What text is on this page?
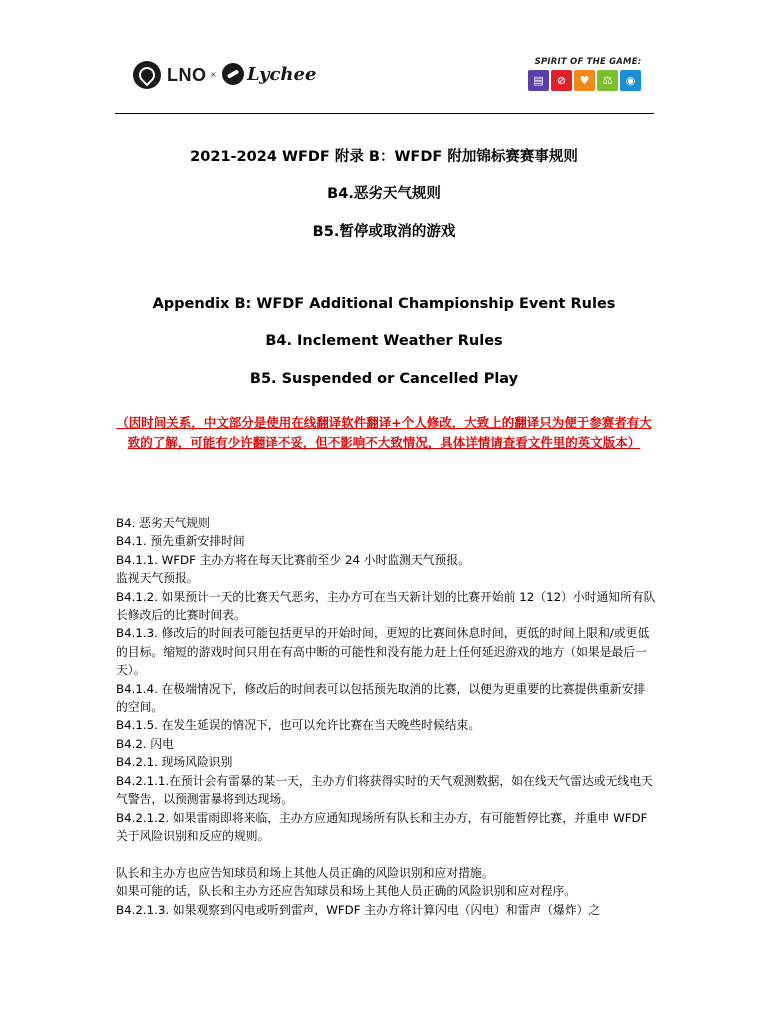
LNO × Lychee
SPIRIT OF THE GAME:
▤	⊘	♥	⚖	◉
2021-2024 WFDF 附录 B：WFDF 附加锦标赛赛事规则
B4.恶劣天气规则
B5.暂停或取消的游戏
Appendix B: WFDF Additional Championship Event Rules
B4. Inclement Weather Rules
B5. Suspended or Cancelled Play
（因时间关系，中文部分是使用在线翻译软件翻译+个人修改，大致上的翻译只为便于参赛者有大致的了解，可能有少许翻译不妥，但不影响不大致情况，具体详情请查看文件里的英文版本）

B4. 恶劣天气规则

B4.1. 预先重新安排时间

B4.1.1. WFDF 主办方将在每天比赛前至少 24 小时监测天气预报。

监视天气预报。

B4.1.2. 如果预计一天的比赛天气恶劣，主办方可在当天新计划的比赛开始前 12（12）小时通知所有队长修改后的比赛时间表。

B4.1.3. 修改后的时间表可能包括更早的开始时间，更短的比赛间休息时间，更低的时间上限和/或更低的目标。缩短的游戏时间只用在有高中断的可能性和没有能力赶上任何延迟游戏的地方（如果是最后一天）。

B4.1.4. 在极端情况下，修改后的时间表可以包括预先取消的比赛，以便为更重要的比赛提供重新安排的空间。

B4.1.5. 在发生延误的情况下，也可以允许比赛在当天晚些时候结束。

B4.2. 闪电

B4.2.1. 现场风险识别

B4.2.1.1.在预计会有雷暴的某一天，主办方们将获得实时的天气观测数据，如在线天气雷达或无线电天气警告，以预测雷暴将到达现场。

B4.2.1.2. 如果雷雨即将来临，主办方应通知现场所有队长和主办方，有可能暂停比赛，并重申 WFDF 关于风险识别和反应的规则。

队长和主办方也应告知球员和场上其他人员正确的风险识别和应对措施。

如果可能的话，队长和主办方还应告知球员和场上其他人员正确的风险识别和应对程序。

B4.2.1.3. 如果观察到闪电或听到雷声，WFDF 主办方将计算闪电（闪电）和雷声（爆炸）之
